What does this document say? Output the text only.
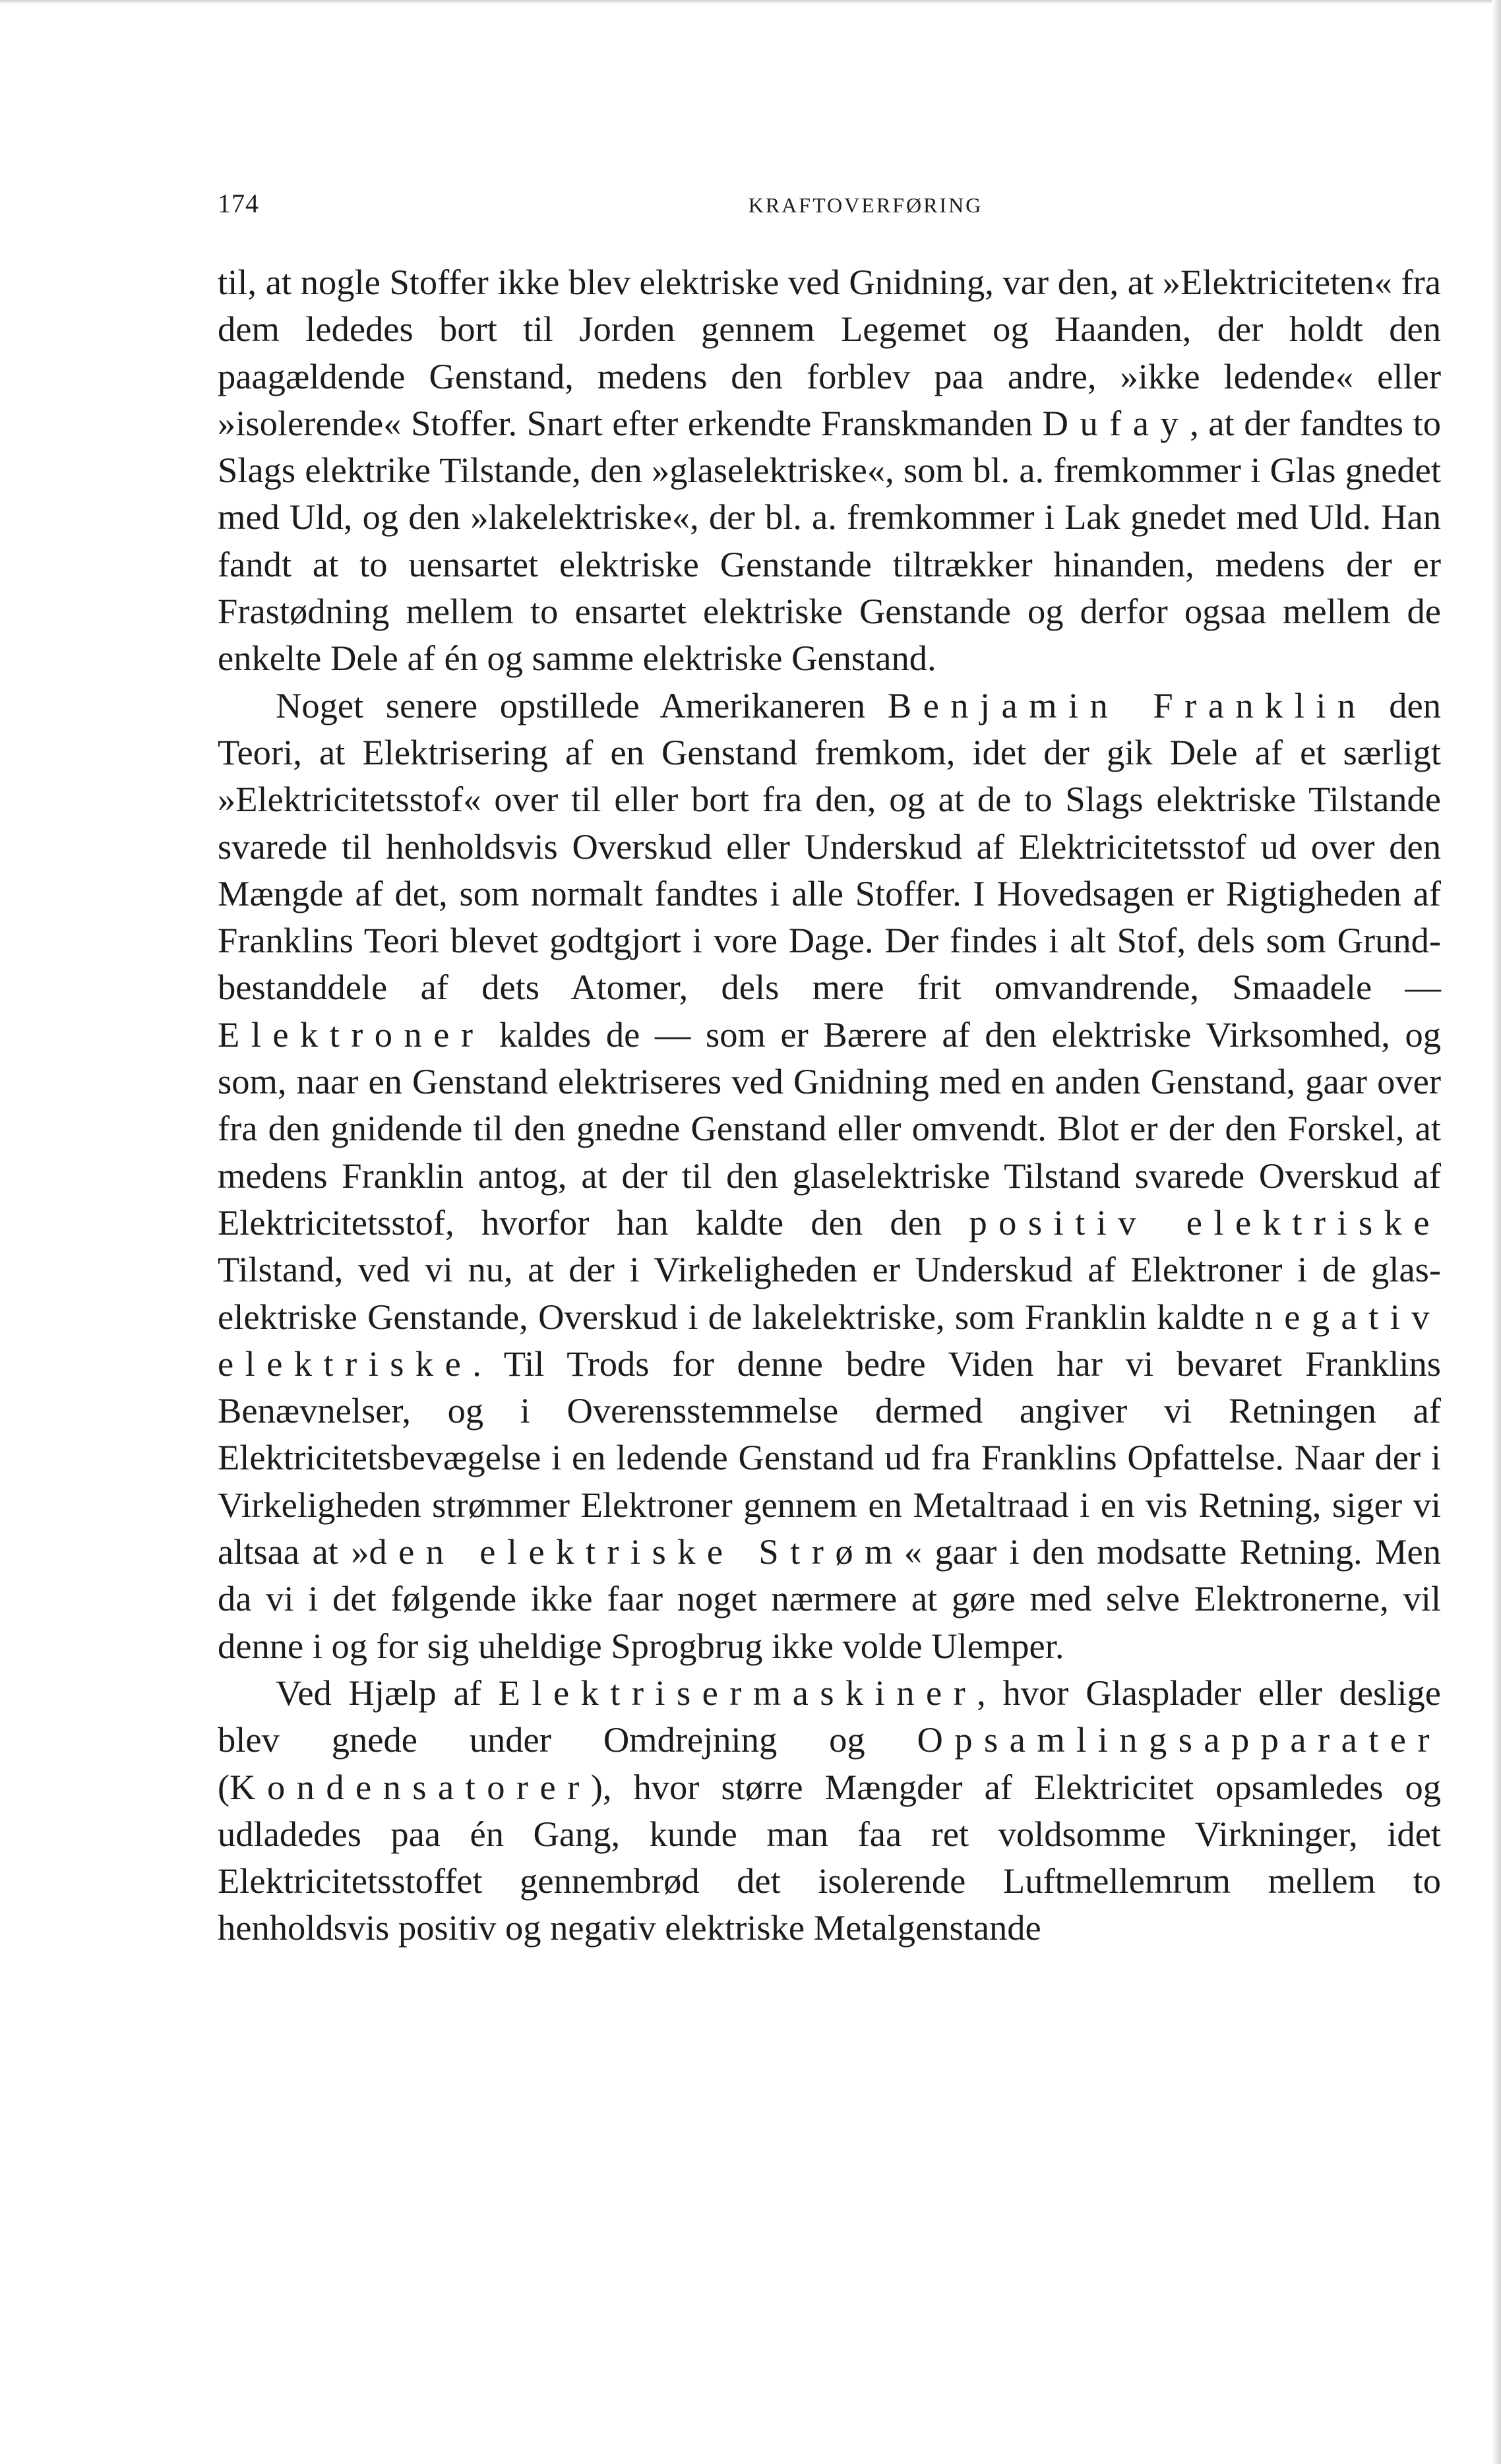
174	KRAFTOVERFØRING

til, at nogle Stoffer ikke blev elektriske ved Gnidning, var den, at »Elektriciteten« fra dem lededes bort til Jorden gennem Legemet og Haanden, der holdt den paagældende Genstand, medens den forblev paa andre, »ikke ledende« eller »isolerende« Stoffer. Snart efter erkendte Franskmanden Dufay, at der fandtes to Slags elektrike Tilstande, den »glaselektriske«, som bl. a. fremkommer i Glas gnedet med Uld, og den »lakelektriske«, der bl. a. fremkommer i Lak gnedet med Uld. Han fandt at to uensartet elektriske Genstande tiltrækker hinanden, medens der er Frastødning mellem to ensartet elektriske Genstande og derfor ogsaa mellem de enkelte Dele af én og samme elektriske Genstand.

Noget senere opstillede Amerikaneren Benjamin Franklin den Teori, at Elektrisering af en Genstand fremkom, idet der gik Dele af et særligt »Elektricitetsstof« over til eller bort fra den, og at de to Slags elektriske Tilstande svarede til henholdsvis Overskud eller Underskud af Elektricitetsstof ud over den Mængde af det, som normalt fandtes i alle Stoffer. I Hovedsagen er Rigtigheden af Franklins Teori blevet godtgjort i vore Dage. Der findes i alt Stof, dels som Grundbestanddele af dets Atomer, dels mere frit omvandrende, Smaadele — Elektroner kaldes de — som er Bærere af den elektriske Virksomhed, og som, naar en Genstand elektriseres ved Gnidning med en anden Genstand, gaar over fra den gnidende til den gnedne Genstand eller omvendt. Blot er der den Forskel, at medens Franklin antog, at der til den glaselektriske Tilstand svarede Overskud af Elektricitetsstof, hvorfor han kaldte den den positiv elektriske Tilstand, ved vi nu, at der i Virkeligheden er Underskud af Elektroner i de glaselektriske Genstande, Overskud i de lakelektriske, som Franklin kaldte negativ elektriske. Til Trods for denne bedre Viden har vi bevaret Franklins Benævnelser, og i Overensstemmelse dermed angiver vi Retningen af Elektricitetsbevægelse i en ledende Genstand ud fra Franklins Opfattelse. Naar der i Virkeligheden strømmer Elektroner gennem en Metaltraad i en vis Retning, siger vi altsaa at »den elektriske Strøm« gaar i den modsatte Retning. Men da vi i det følgende ikke faar noget nærmere at gøre med selve Elektronerne, vil denne i og for sig uheldige Sprogbrug ikke volde Ulemper.

Ved Hjælp af Elektrisermaskiner, hvor Glasplader eller deslige blev gnede under Omdrejning og Opsamlingsapparater (Kondensatorer), hvor større Mængder af Elektricitet opsamledes og udladedes paa én Gang, kunde man faa ret voldsomme Virkninger, idet Elektricitetsstoffet gennembrød det isolerende Luftmellemrum mellem to henholdsvis positiv og negativ elektriske Metalgenstande
